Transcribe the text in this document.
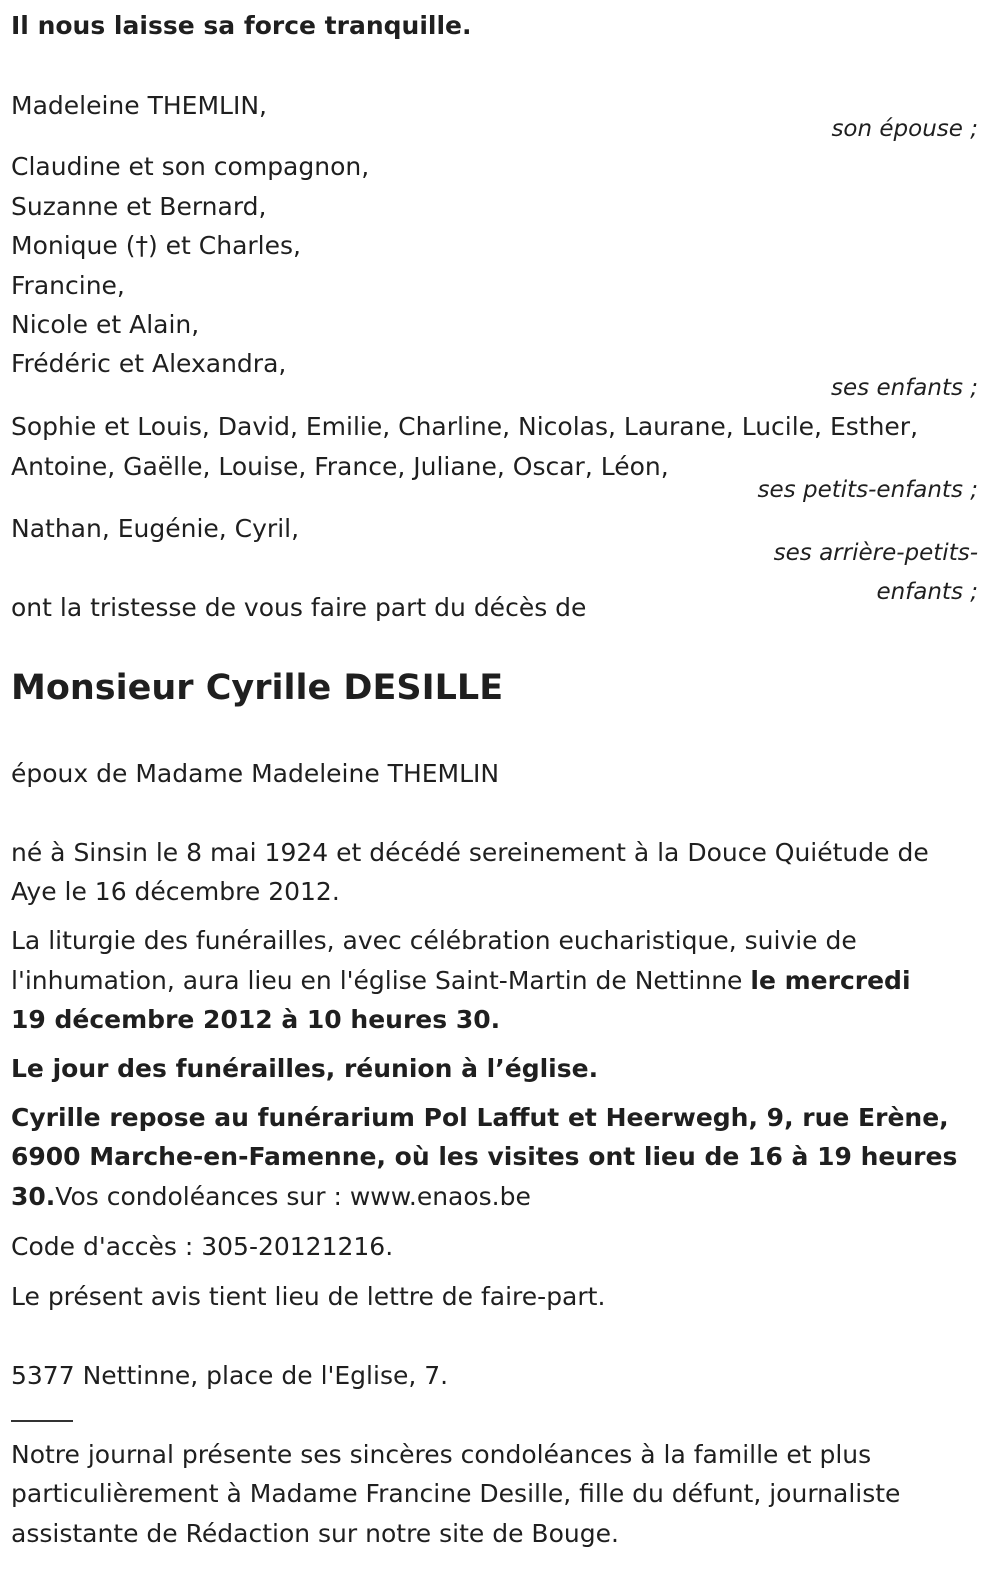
Il nous laisse sa force tranquille.
Madeleine THEMLIN,
son épouse ;
Claudine et son compagnon,
Suzanne et Bernard,
Monique (†) et Charles,
Francine,
Nicole et Alain,
Frédéric et Alexandra,
ses enfants ;
Sophie et Louis, David, Emilie, Charline, Nicolas, Laurane, Lucile, Esther,
Antoine, Gaëlle, Louise, France, Juliane, Oscar, Léon,
ses petits-enfants ;
Nathan, Eugénie, Cyril,
ses arrière-petits-
enfants ;
ont la tristesse de vous faire part du décès de
Monsieur Cyrille DESILLE
époux de Madame Madeleine THEMLIN
né à Sinsin le 8 mai 1924 et décédé sereinement à la Douce Quiétude de
Aye le 16 décembre 2012.
La liturgie des funérailles, avec célébration eucharistique, suivie de
l'inhumation, aura lieu en l'église Saint-Martin de Nettinne le mercredi
19 décembre 2012 à 10 heures 30.
Le jour des funérailles, réunion à l’église.
Cyrille repose au funérarium Pol Laffut et Heerwegh, 9, rue Erène,
6900 Marche-en-Famenne, où les visites ont lieu de 16 à 19 heures
30.Vos condoléances sur : www.enaos.be
Code d'accès : 305-20121216.
Le présent avis tient lieu de lettre de faire-part.
5377 Nettinne, place de l'Eglise, 7.
Notre journal présente ses sincères condoléances à la famille et plus
particulièrement à Madame Francine Desille, fille du défunt, journaliste
assistante de Rédaction sur notre site de Bouge.
